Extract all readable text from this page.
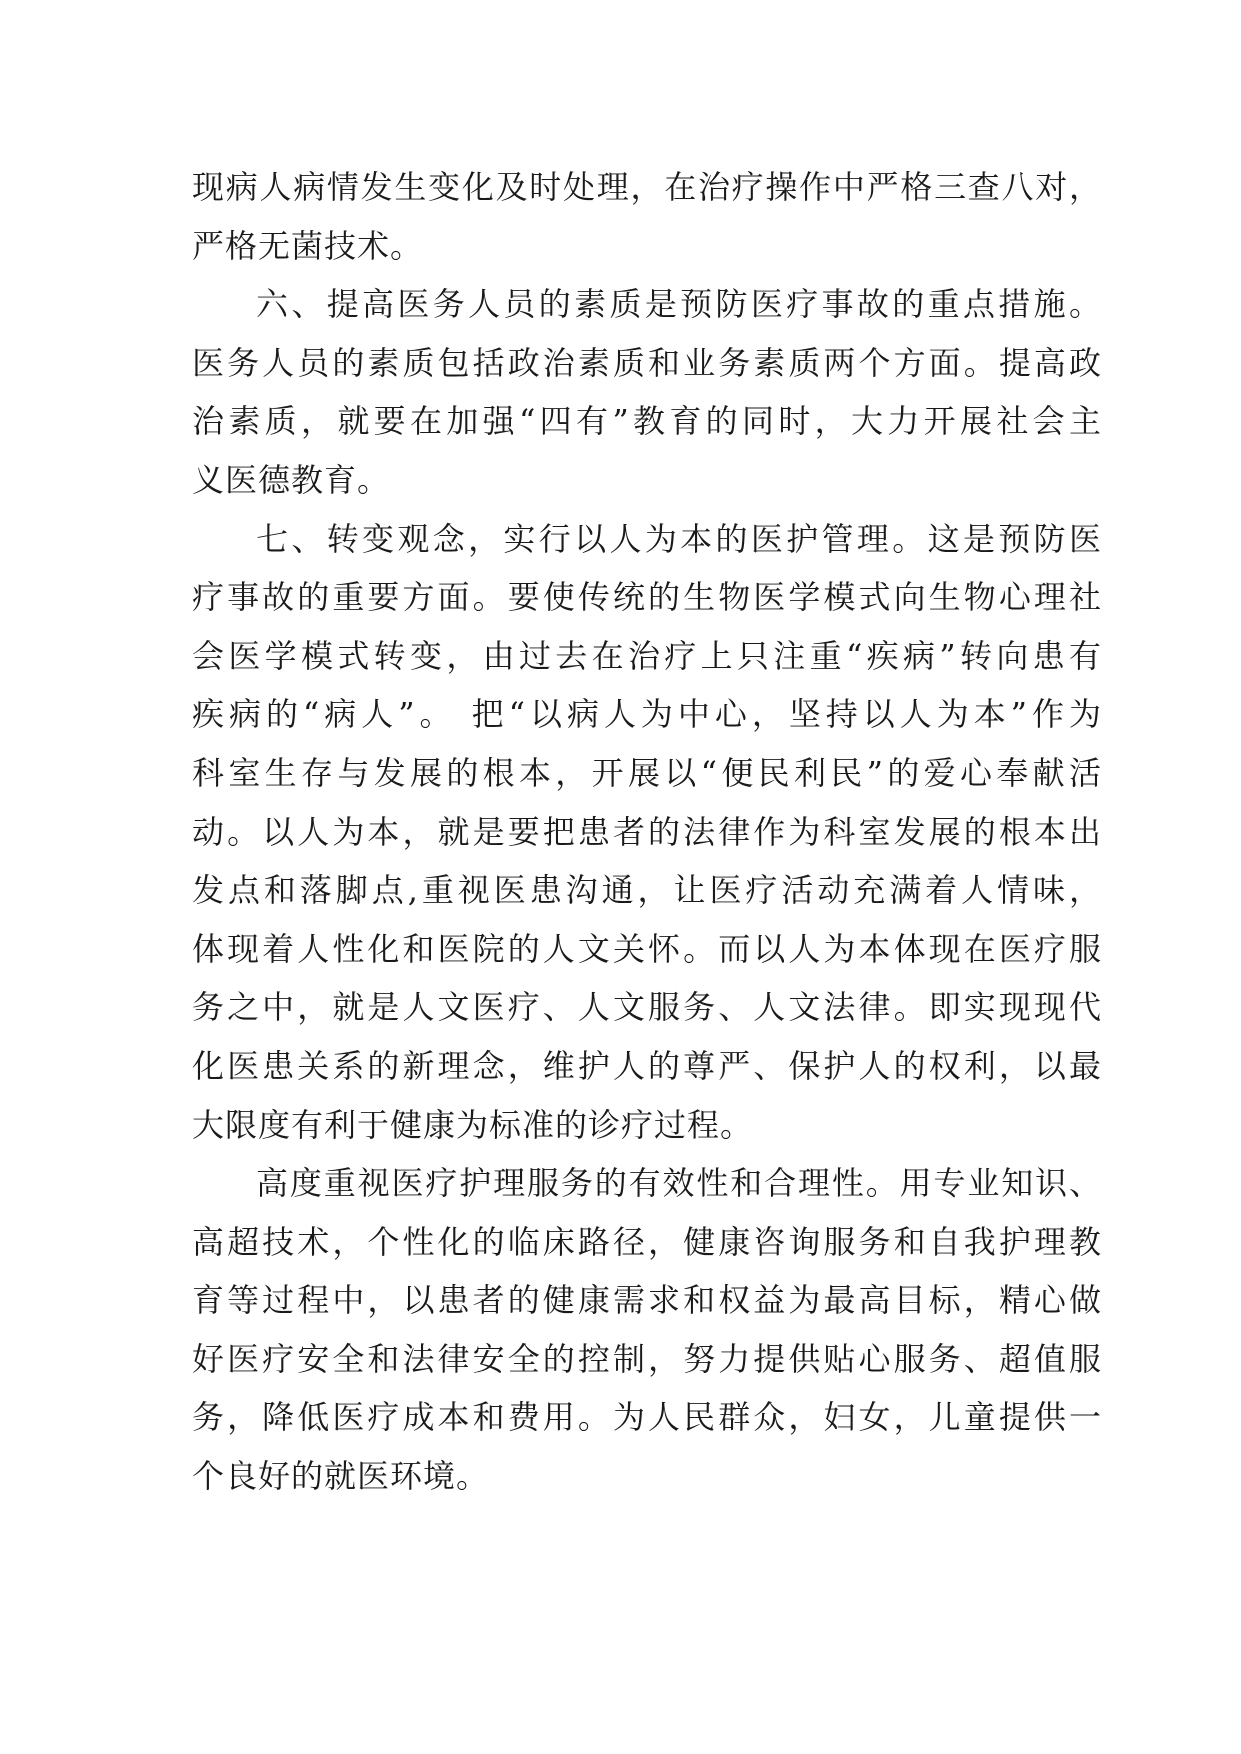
现病人病情发生变化及时处理，在治疗操作中严格三查八对，
严格无菌技术。
六、提高医务人员的素质是预防医疗事故的重点措施。
医务人员的素质包括政治素质和业务素质两个方面。提高政
治素质，就要在加强“四有”教育的同时，大力开展社会主
义医德教育。
七、转变观念，实行以人为本的医护管理。这是预防医
疗事故的重要方面。要使传统的生物医学模式向生物心理社
会医学模式转变，由过去在治疗上只注重“疾病”转向患有
疾病的“病人”。 把“以病人为中心，坚持以人为本”作为
科室生存与发展的根本，开展以“便民利民”的爱心奉献活
动。以人为本，就是要把患者的法律作为科室发展的根本出
发点和落脚点,重视医患沟通，让医疗活动充满着人情味，
体现着人性化和医院的人文关怀。而以人为本体现在医疗服
务之中，就是人文医疗、人文服务、人文法律。即实现现代
化医患关系的新理念，维护人的尊严、保护人的权利，以最
大限度有利于健康为标准的诊疗过程。
高度重视医疗护理服务的有效性和合理性。用专业知识、
高超技术，个性化的临床路径，健康咨询服务和自我护理教
育等过程中，以患者的健康需求和权益为最高目标，精心做
好医疗安全和法律安全的控制，努力提供贴心服务、超值服
务，降低医疗成本和费用。为人民群众，妇女，儿童提供一
个良好的就医环境。
